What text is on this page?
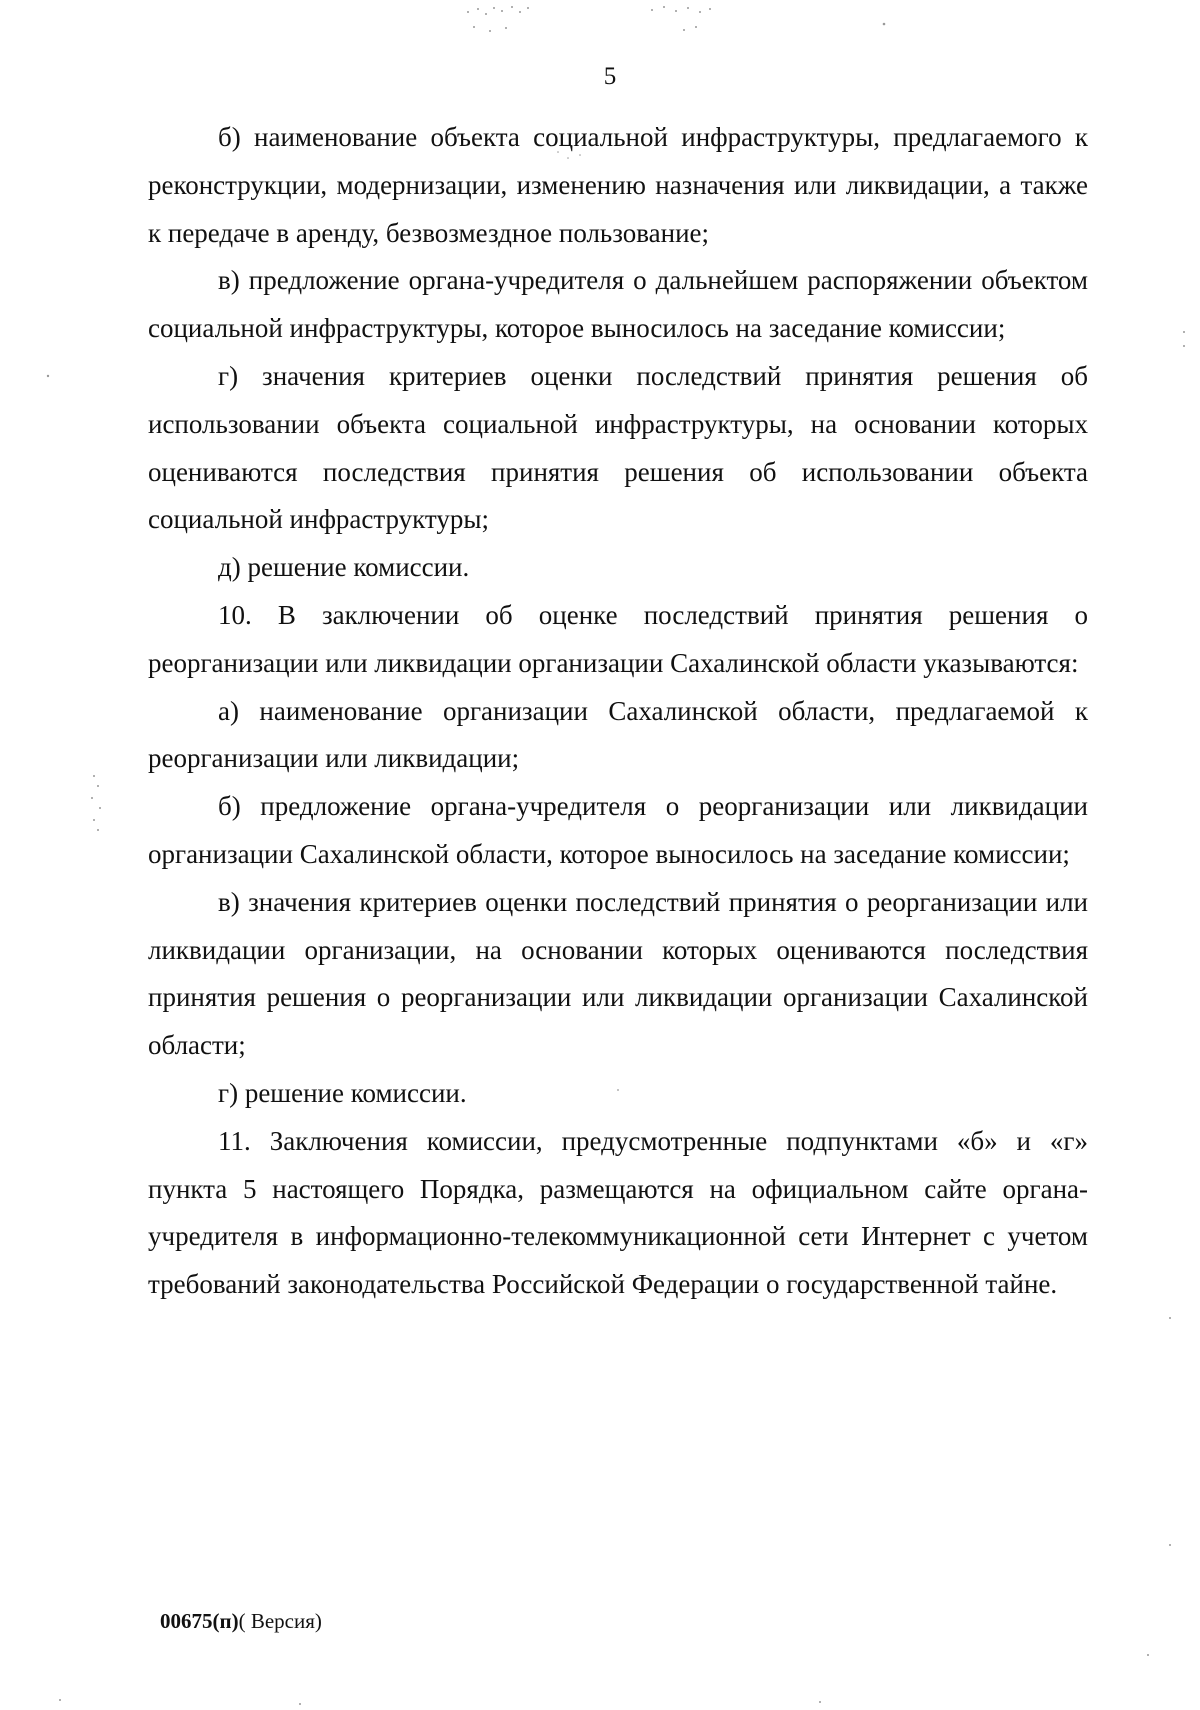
5

б) наименование объекта социальной инфраструктуры, предлагаемого к реконструкции, модернизации, изменению назначения или ликвидации, а также к передаче в аренду, безвозмездное пользование;

в) предложение органа-учредителя о дальнейшем распоряжении объектом социальной инфраструктуры, которое выносилось на заседание комиссии;

г) значения критериев оценки последствий принятия решения об использовании объекта социальной инфраструктуры, на основании которых оцениваются последствия принятия решения об использовании объекта социальной инфраструктуры;

д) решение комиссии.

10. В заключении об оценке последствий принятия решения о реорганизации или ликвидации организации Сахалинской области указываются:

а) наименование организации Сахалинской области, предлагаемой к реорганизации или ликвидации;

б) предложение органа-учредителя о реорганизации или ликвидации организации Сахалинской области, которое выносилось на заседание комиссии;

в) значения критериев оценки последствий принятия о реорганизации или ликвидации организации, на основании которых оцениваются последствия принятия решения о реорганизации или ликвидации организации Сахалинской области;

г) решение комиссии.

11. Заключения комиссии, предусмотренные подпунктами «б» и «г» пункта 5 настоящего Порядка, размещаются на официальном сайте органа-учредителя в информационно-телекоммуникационной сети Интернет с учетом требований законодательства Российской Федерации о государственной тайне.

00675(п)( Версия)
